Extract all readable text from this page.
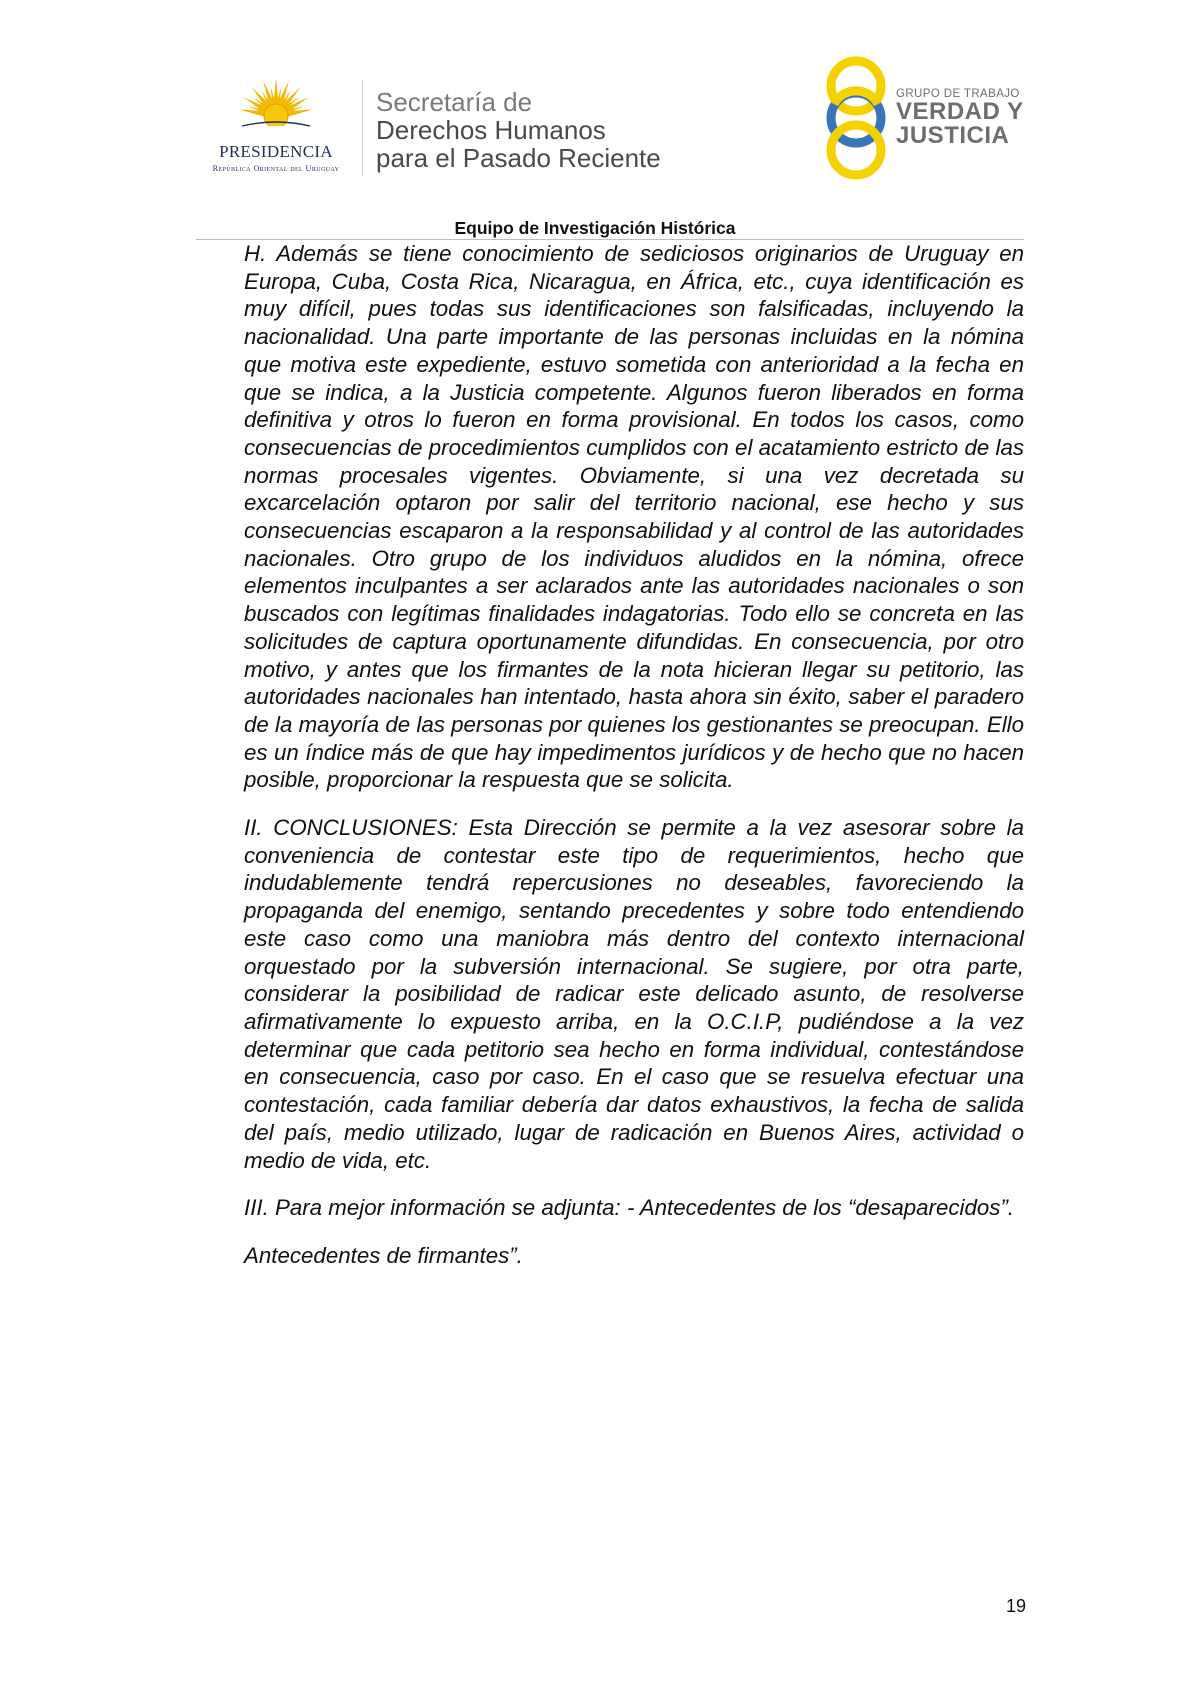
PRESIDENCIA
República Oriental del Uruguay
Secretaría de
Derechos Humanos
para el Pasado Reciente
GRUPO DE TRABAJO
VERDAD Y
JUSTICIA
Equipo de Investigación Histórica

H. Además se tiene conocimiento de sediciosos originarios de Uruguay en Europa, Cuba, Costa Rica, Nicaragua, en África, etc., cuya identificación es muy difícil, pues todas sus identificaciones son falsificadas, incluyendo la nacionalidad. Una parte importante de las personas incluidas en la nómina que motiva este expediente, estuvo sometida con anterioridad a la fecha en que se indica, a la Justicia competente. Algunos fueron liberados en forma definitiva y otros lo fueron en forma provisional. En todos los casos, como consecuencias de procedimientos cumplidos con el acatamiento estricto de las normas procesales vigentes. Obviamente, si una vez decretada su excarcelación optaron por salir del territorio nacional, ese hecho y sus consecuencias escaparon a la responsabilidad y al control de las autoridades nacionales. Otro grupo de los individuos aludidos en la nómina, ofrece elementos inculpantes a ser aclarados ante las autoridades nacionales o son buscados con legítimas finalidades indagatorias. Todo ello se concreta en las solicitudes de captura oportunamente difundidas. En consecuencia, por otro motivo, y antes que los firmantes de la nota hicieran llegar su petitorio, las autoridades nacionales han intentado, hasta ahora sin éxito, saber el paradero de la mayoría de las personas por quienes los gestionantes se preocupan. Ello es un índice más de que hay impedimentos jurídicos y de hecho que no hacen posible, proporcionar la respuesta que se solicita.

II. CONCLUSIONES: Esta Dirección se permite a la vez asesorar sobre la conveniencia de contestar este tipo de requerimientos, hecho que indudablemente tendrá repercusiones no deseables, favoreciendo la propaganda del enemigo, sentando precedentes y sobre todo entendiendo este caso como una maniobra más dentro del contexto internacional orquestado por la subversión internacional. Se sugiere, por otra parte, considerar la posibilidad de radicar este delicado asunto, de resolverse afirmativamente lo expuesto arriba, en la O.C.I.P, pudiéndose a la vez determinar que cada petitorio sea hecho en forma individual, contestándose en consecuencia, caso por caso. En el caso que se resuelva efectuar una contestación, cada familiar debería dar datos exhaustivos, la fecha de salida del país, medio utilizado, lugar de radicación en Buenos Aires, actividad o medio de vida, etc.

III. Para mejor información se adjunta: - Antecedentes de los “desaparecidos”.

Antecedentes de firmantes”.

19
